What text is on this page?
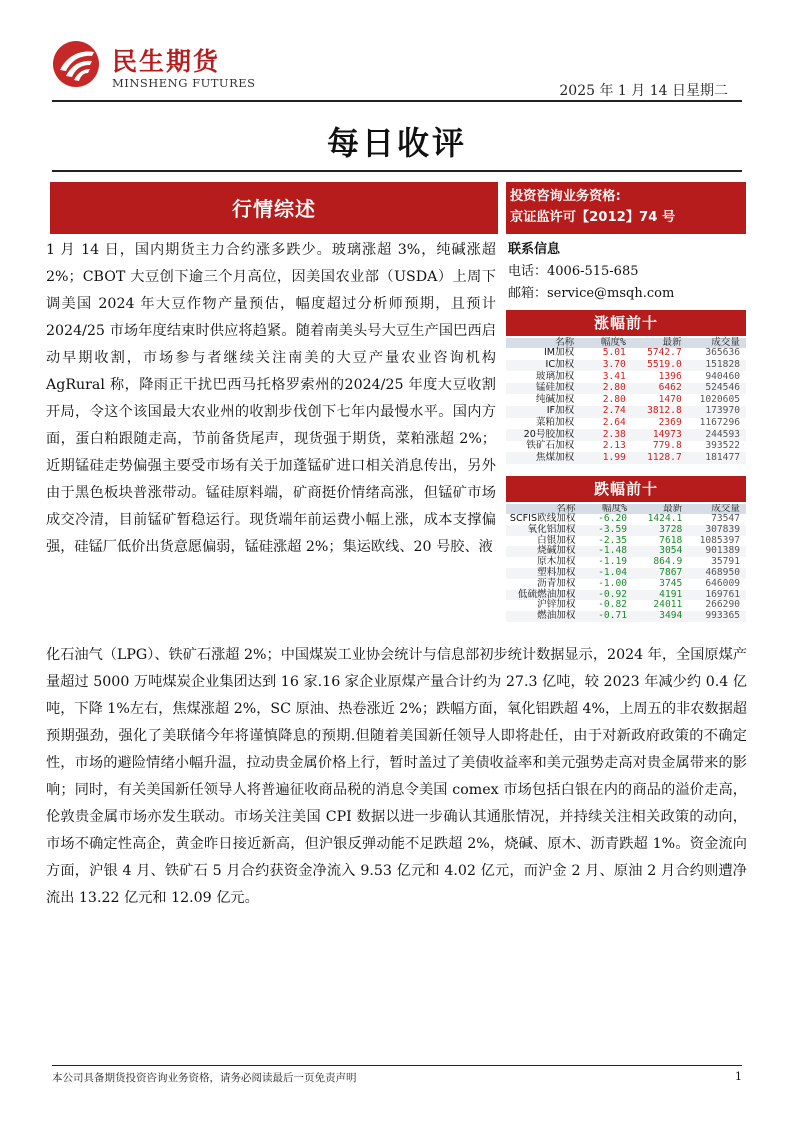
民生期货
MINSHENG FUTURES	2025 年 1 月 14 日星期二
每日收评
行情综述
1 月 14 日，国内期货主力合约涨多跌少。玻璃涨超 3%，纯碱涨超 2%；CBOT 大豆创下逾三个月高位，因美国农业部（USDA）上周下调美国 2024 年大豆作物产量预估，幅度超过分析师预期，且预计 2024/25 市场年度结束时供应将趋紧。随着南美头号大豆生产国巴西启动早期收割，市场参与者继续关注南美的大豆产量农业咨询机构 AgRural 称，降雨正干扰巴西马托格罗索州的2024/25 年度大豆收割开局，令这个该国最大农业州的收割步伐创下七年内最慢水平。国内方面，蛋白粕跟随走高，节前备货尾声，现货强于期货，菜粕涨超 2%；近期锰硅走势偏强主要受市场有关于加蓬锰矿进口相关消息传出，另外由于黑色板块普涨带动。锰硅原料端，矿商挺价情绪高涨，但锰矿市场成交冷清，目前锰矿暂稳运行。现货端年前运费小幅上涨，成本支撑偏强，硅锰厂低价出货意愿偏弱，锰硅涨超 2%；集运欧线、20 号胶、液
投资咨询业务资格:
京证监许可【2012】74 号
联系信息
电话：4006-515-685
邮箱：service@msqh.com
涨幅前十
名称	幅度%	最新	成交量
IM加权	5.01	5742.7	365636
IC加权	3.70	5519.0	151828
玻璃加权	3.41	1396	940460
锰硅加权	2.80	6462	524546
纯碱加权	2.80	1470	1020605
IF加权	2.74	3812.8	173970
菜粕加权	2.64	2369	1167296
20号胶加权	2.38	14973	244593
铁矿石加权	2.13	779.8	393522
焦煤加权	1.99	1128.7	181477
跌幅前十
名称	幅度%	最新	成交量
SCFIS欧线加权	-6.20	1424.1	73547
氧化铝加权	-3.59	3728	307839
白银加权	-2.35	7618	1085397
烧碱加权	-1.48	3054	901389
原木加权	-1.19	864.9	35791
塑料加权	-1.04	7867	468950
沥青加权	-1.00	3745	646009
低硫燃油加权	-0.92	4191	169761
沪锌加权	-0.82	24011	266290
燃油加权	-0.71	3494	993365
化石油气（LPG）、铁矿石涨超 2%；中国煤炭工业协会统计与信息部初步统计数据显示，2024 年，全国原煤产量超过 5000 万吨煤炭企业集团达到 16 家.16 家企业原煤产量合计约为 27.3 亿吨，较 2023 年减少约 0.4 亿吨，下降 1%左右，焦煤涨超 2%，SC 原油、热卷涨近 2%；跌幅方面，氧化铝跌超 4%，上周五的非农数据超预期强劲，强化了美联储今年将谨慎降息的预期.但随着美国新任领导人即将赴任，由于对新政府政策的不确定性，市场的避险情绪小幅升温，拉动贵金属价格上行，暂时盖过了美债收益率和美元强势走高对贵金属带来的影响；同时，有关美国新任领导人将普遍征收商品税的消息令美国 comex 市场包括白银在内的商品的溢价走高，伦敦贵金属市场亦发生联动。市场关注美国 CPI 数据以进一步确认其通胀情况，并持续关注相关政策的动向，市场不确定性高企，黄金昨日接近新高，但沪银反弹动能不足跌超 2%，烧碱、原木、沥青跌超 1%。资金流向方面，沪银 4 月、铁矿石 5 月合约获资金净流入 9.53 亿元和 4.02 亿元，而沪金 2 月、原油 2 月合约则遭净流出 13.22 亿元和 12.09 亿元。
本公司具备期货投资咨询业务资格，请务必阅读最后一页免责声明	1
